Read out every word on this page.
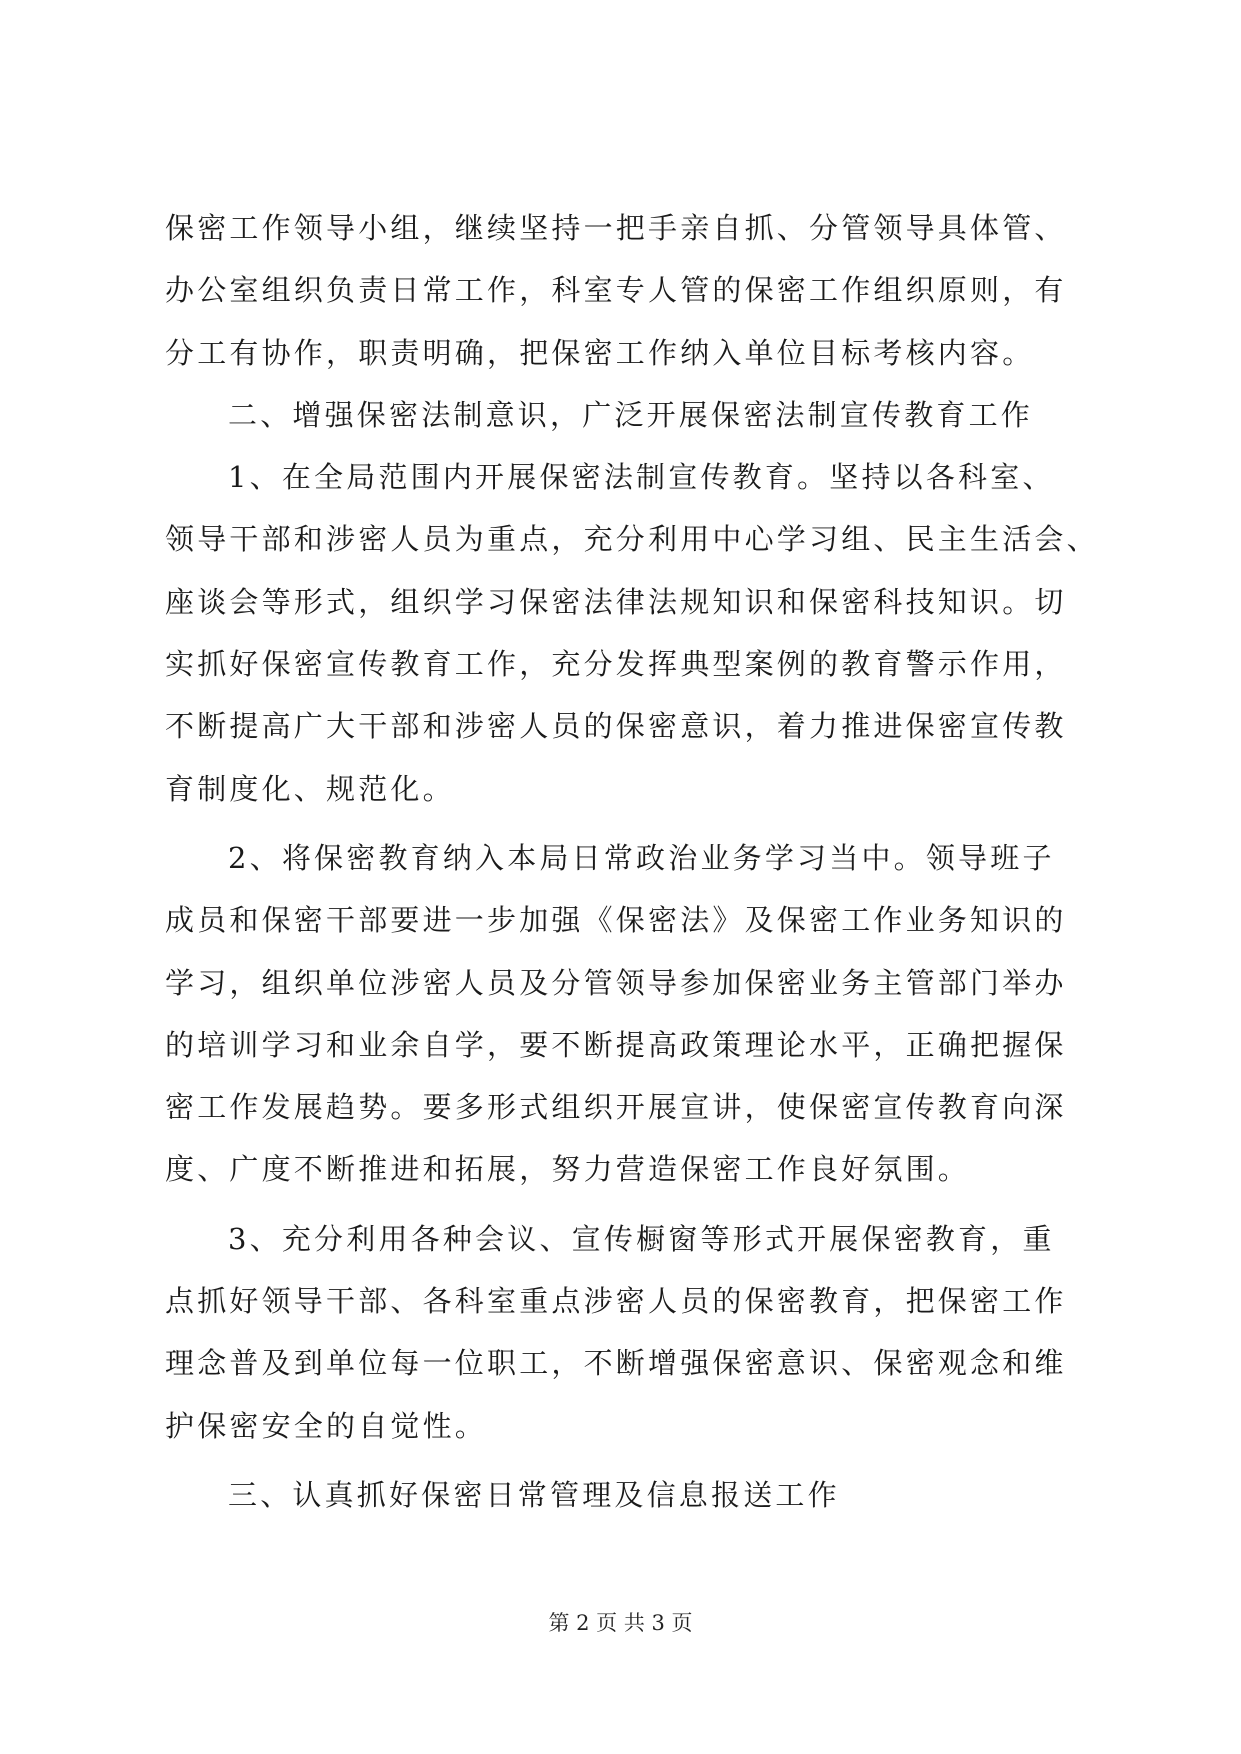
保密工作领导小组，继续坚持一把手亲自抓、分管领导具体管、
办公室组织负责日常工作，科室专人管的保密工作组织原则，有
分工有协作，职责明确，把保密工作纳入单位目标考核内容。
二、增强保密法制意识，广泛开展保密法制宣传教育工作
1、在全局范围内开展保密法制宣传教育。坚持以各科室、
领导干部和涉密人员为重点，充分利用中心学习组、民主生活会、
座谈会等形式，组织学习保密法律法规知识和保密科技知识。切
实抓好保密宣传教育工作，充分发挥典型案例的教育警示作用，
不断提高广大干部和涉密人员的保密意识，着力推进保密宣传教
育制度化、规范化。
2、将保密教育纳入本局日常政治业务学习当中。领导班子
成员和保密干部要进一步加强《保密法》及保密工作业务知识的
学习，组织单位涉密人员及分管领导参加保密业务主管部门举办
的培训学习和业余自学，要不断提高政策理论水平，正确把握保
密工作发展趋势。要多形式组织开展宣讲，使保密宣传教育向深
度、广度不断推进和拓展，努力营造保密工作良好氛围。
3、充分利用各种会议、宣传橱窗等形式开展保密教育，重
点抓好领导干部、各科室重点涉密人员的保密教育，把保密工作
理念普及到单位每一位职工，不断增强保密意识、保密观念和维
护保密安全的自觉性。
三、认真抓好保密日常管理及信息报送工作
第 2 页 共 3 页
